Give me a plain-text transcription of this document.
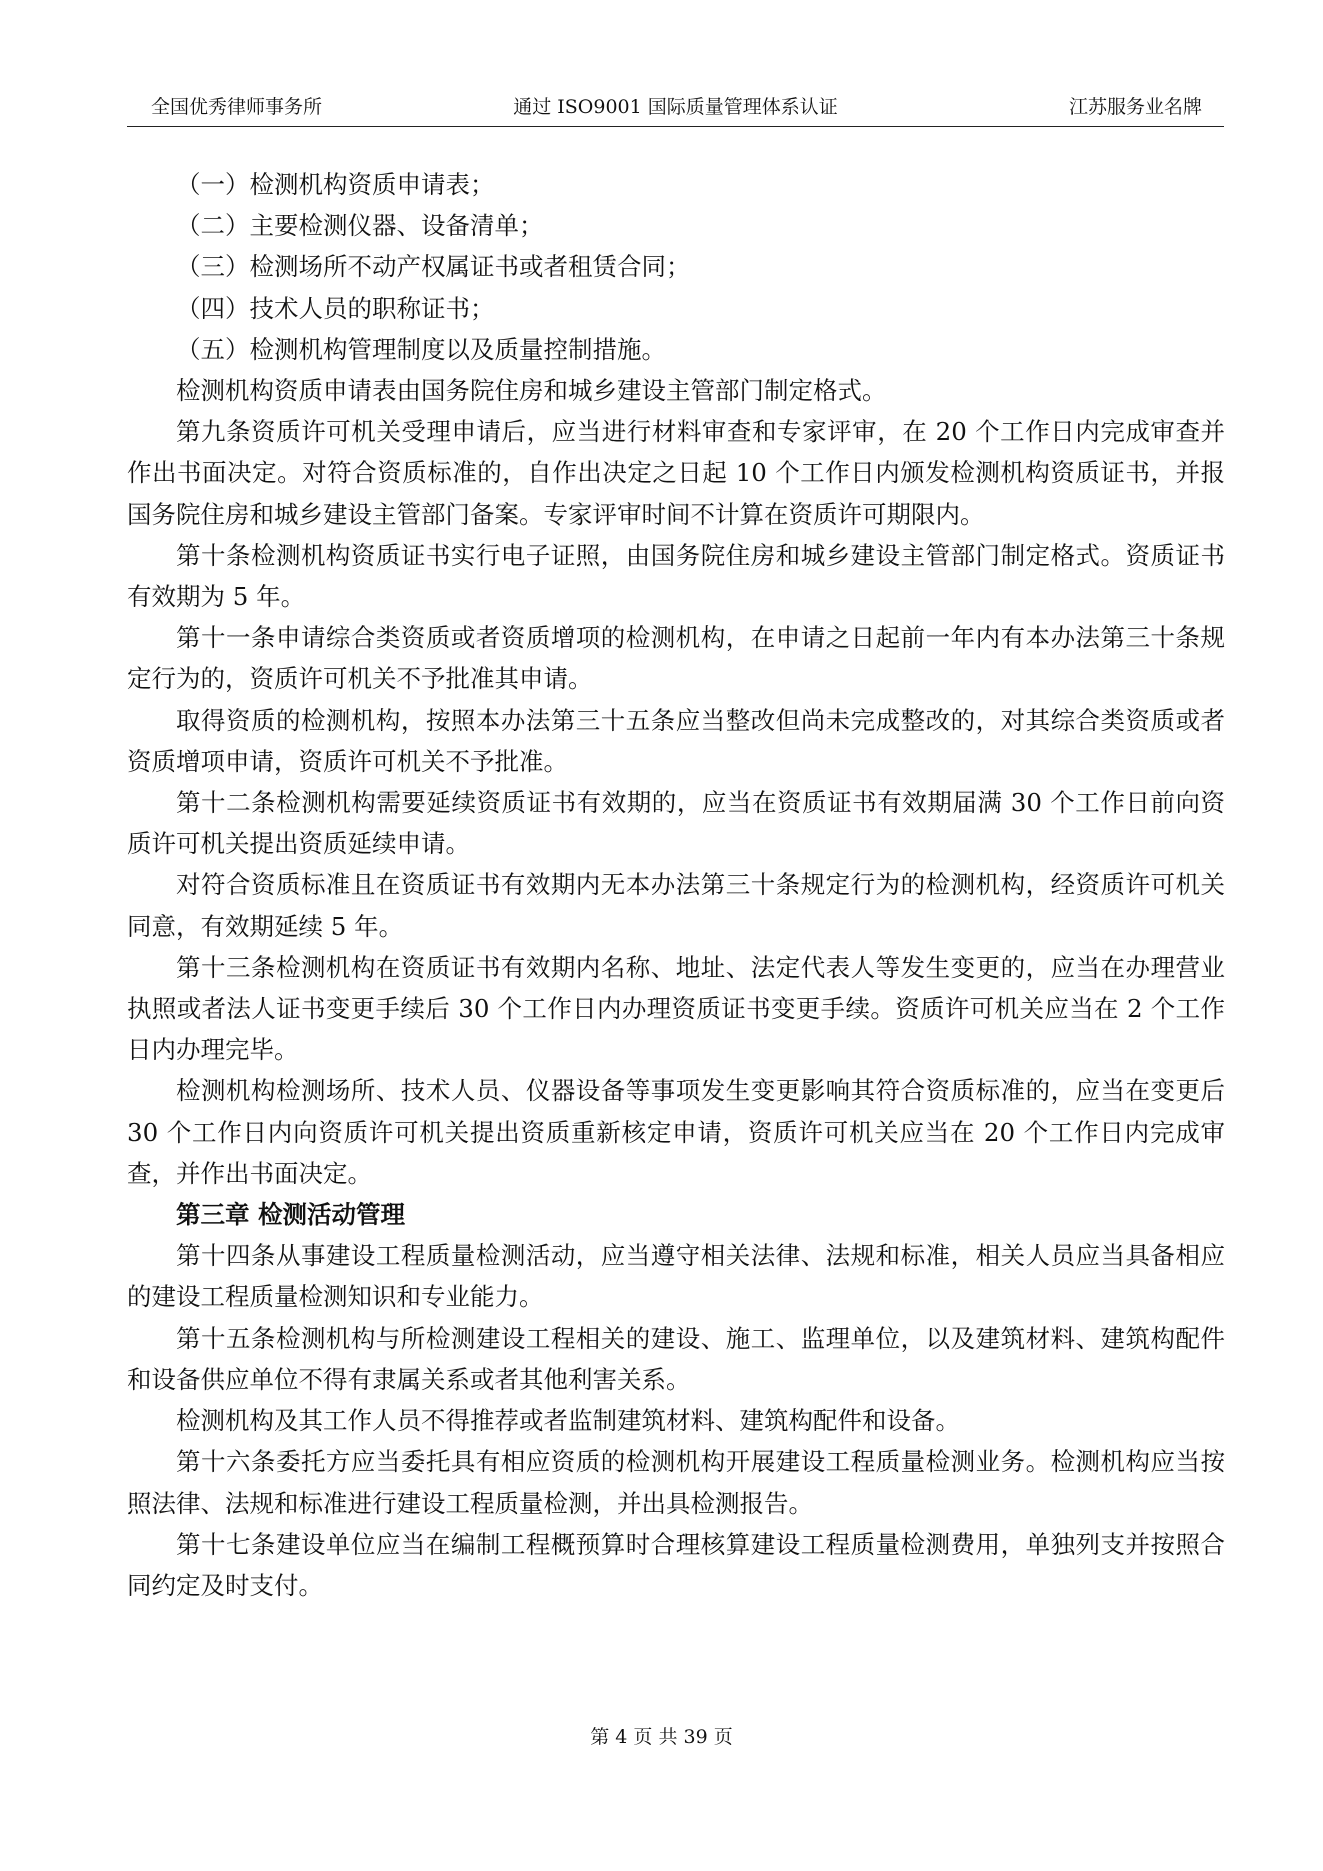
全国优秀律师事务所	通过 ISO9001 国际质量管理体系认证	江苏服务业名牌

（一）检测机构资质申请表；

（二）主要检测仪器、设备清单；

（三）检测场所不动产权属证书或者租赁合同；

（四）技术人员的职称证书；

（五）检测机构管理制度以及质量控制措施。

检测机构资质申请表由国务院住房和城乡建设主管部门制定格式。

第九条资质许可机关受理申请后，应当进行材料审查和专家评审，在 20 个工作日内完成审查并作出书面决定。对符合资质标准的，自作出决定之日起 10 个工作日内颁发检测机构资质证书，并报国务院住房和城乡建设主管部门备案。专家评审时间不计算在资质许可期限内。

第十条检测机构资质证书实行电子证照，由国务院住房和城乡建设主管部门制定格式。资质证书有效期为 5 年。

第十一条申请综合类资质或者资质增项的检测机构，在申请之日起前一年内有本办法第三十条规定行为的，资质许可机关不予批准其申请。

取得资质的检测机构，按照本办法第三十五条应当整改但尚未完成整改的，对其综合类资质或者资质增项申请，资质许可机关不予批准。

第十二条检测机构需要延续资质证书有效期的，应当在资质证书有效期届满 30 个工作日前向资质许可机关提出资质延续申请。

对符合资质标准且在资质证书有效期内无本办法第三十条规定行为的检测机构，经资质许可机关同意，有效期延续 5 年。

第十三条检测机构在资质证书有效期内名称、地址、法定代表人等发生变更的，应当在办理营业执照或者法人证书变更手续后 30 个工作日内办理资质证书变更手续。资质许可机关应当在 2 个工作日内办理完毕。

检测机构检测场所、技术人员、仪器设备等事项发生变更影响其符合资质标准的，应当在变更后 30 个工作日内向资质许可机关提出资质重新核定申请，资质许可机关应当在 20 个工作日内完成审查，并作出书面决定。

第三章 检测活动管理

第十四条从事建设工程质量检测活动，应当遵守相关法律、法规和标准，相关人员应当具备相应的建设工程质量检测知识和专业能力。

第十五条检测机构与所检测建设工程相关的建设、施工、监理单位，以及建筑材料、建筑构配件和设备供应单位不得有隶属关系或者其他利害关系。

检测机构及其工作人员不得推荐或者监制建筑材料、建筑构配件和设备。

第十六条委托方应当委托具有相应资质的检测机构开展建设工程质量检测业务。检测机构应当按照法律、法规和标准进行建设工程质量检测，并出具检测报告。

第十七条建设单位应当在编制工程概预算时合理核算建设工程质量检测费用，单独列支并按照合同约定及时支付。

第 4 页 共 39 页
